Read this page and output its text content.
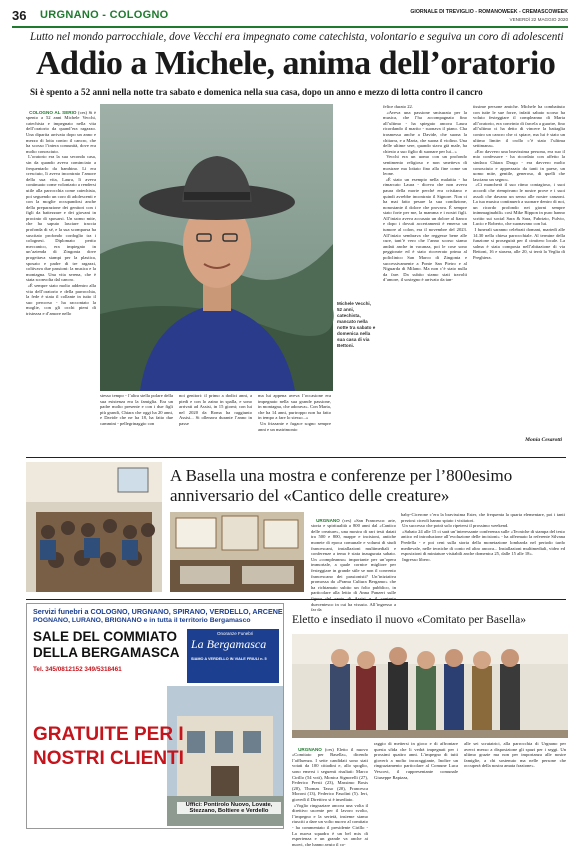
36 URGNANO - COLOGNO	GIORNALE DI TREVIGLIO - ROMANOWEEK - CREMASCOWEEK
VENERDÌ 22 MAGGIO 2020
Lutto nel mondo parrocchiale, dove Vecchi era impegnato come catechista, volontario e seguiva un coro di adolescenti
Addio a Michele, anima dell’oratorio
Si è spento a 52 anni nella notte tra sabato e domenica nella sua casa, dopo un anno e mezzo di lotta contro il cancro

COLOGNO AL SERIO (ces) Si è spento a 52 anni Michele Vecchi, catechista e impegnato nella vita dell’oratorio da quand’era ragazzo. Una diparita arrivata dopo un anno e mezzo di lotta contro il cancro, che ha scosso l’intera comunità, dove era molto conosciuto.
L’oratorio era la sua seconda casa, sin da quando aveva cominciato a frequentarlo da bambino. Lì era cresciuto, lì aveva incontrato l’amore della sua vita, Laura, lì aveva continuato come volontario a rendersi utile alla parrocchia come catechista, poi seguendo un coro di adolescenti e con la moglie occupandosi anche della preparazione dei genitori con i figli da battezzare e dei giovani in procinto di sposarsi. Un uomo mite, che ha saputo lasciare traccia profonda di sé, e la sua scomparsa ha suscitato profondo cordoglio tra i colognesi. Diplomato perito meccanico, era impiegato in un’azienda di Zingonia dove progettava stampi per la plastica, sposato e padre di tre ragazzi, coltivava due passioni: la musica e la montagna. Una vita serena, che è stata sconvolta dal cancro.
«È sempre stato molto addentro alla vita dell’oratorio e della parrocchia, la fede è stata il collante in tutto il suo percorso - ha raccontato la moglie, con gli occhi pieni di tristezza e d’amore nello

Michele Vecchi, 52 anni, catechista, mancato nella notte tra sabato e domenica nella sua casa di via Bettoni.
stesso tempo - l’altra stella polare della sua esistenza era la famiglia. Era un padre molto presente e con i due figli più grandi, Chiara che oggi ha 20 anni, e Davide che ne ha 18, ha fatto due cammini - pellegrinaggio con
noi genitori: il primo a dodici anni, a piedi e con lo zaino in spalla, e sono arrivati ad Assisi, in 15 giorni; con lui nel 2020 da Roma ha raggiunto Assisi... Si ollenava durante l’anno in passe
ma lui appena aveva l’occasione era impegnato nella sua grande passione, in montagna, che adorava». Con Marta, che ha 14 anni, purtroppo non ha fatto in tempo a fare lo stesso...»
Un frizzante e fugace sogno sempre anni e un matrimonio
felice durato 22.
«Aveva una passione smisurata per la musica, che l’ha accompagnato fino all’ultimo - ha spiegato ancora Laura ricordando il marito - suonava il piano. Cha trasmessa anche a Davide, che suona la chitarra, e a Marta, che suona il violino. Una delle ultime sere, quando stava già male, ha chiesto a suo figlio di suonare per lui...»
Vecchi era un uomo con un profondo sentimento religioso e non smetteva di mostrare ma lottato fino alla fine come un leone.
«È stato un esempio nella malattia - ha rimarcato Laura - diceva che non aveva paura della morte perché era cristiano e quindi avrebbe incontrato il Signore. Non ci ha mai fatto pesare la sua condizione, nonostante il dolore che provava. È sempre stato forte per me, la mamma e i nostri figli. All’inizio aveva accusato un dolore al fianco e dopo i dovuti accertamenti è emerso un tumore al colon, era il novembre del 2023. All’inizio sembrava che reggesse bene alle cure, tant’è vero che l’anno scorso siamo andati anche in vacanza, poi le cose sono peggiorate ed è stato ricoverato prima al policlinico San Marco di Zingonia e successivamente a Ponte San Pietro e al Niguarda di Milano. Ma non c’è stato nulla da fare. Da subito siamo stati travolti d’amore, il sostegno è arrivato da tan-
tissime persone amiche. Michele ha combattuto con tutte le sue forze, infatti sabato scorso ha voluto festeggiare il compleanno di Marta all’oratorio, era convinto di farcela a guarire, fino all’ultimo ci ha detto di vincere la battaglia contro un cancro che ci spiace, ma lui è stato un ultimo limite: il crollo c’è stato l’ultima settimana».
«Ero davvero una bravissima persona, era suo il mio confessore - ha ricordato con affetto la sindaca Chiara Drago - era davvero molto conosciuto e apprezzato da tanti in paese, un uomo mite, gentile, generoso, di quelli che lasciano un segno».
«Ci mancherà il suo ritmo contagioso, i suoi accordi che riempivano le nostre prove e i suoi assoli che davano un senso alle nostre canzoni. La tua musica continuerà a suonare dentro di noi, un ricordo profondo nei giorni sempre inimmaginabili» così Mike Rippon in puro hanno scritto sui social Sara & Sara, Fabrizio, Fulvio, Lucio e Roberto, che suonavano con lui.
I funerali saranno celebrati domani, martedì alle 14.30 nella chiesa parrocchiale. Al termine della funzione si proseguirà per il cimitero locale. La salma è stata composta nell’abitazione di via Bettoni, 16 e stasera, alle 20, si terrà la Veglia di Preghiera.
Monia Cesarotti
A Basella una mostra e conferenze per l’800esimo
anniversario del «Cantico delle creature»

URGNANO (ces) «San Francesco: arte, storia e spiritualità a 800 anni dal «Cantico delle creature», una mostra di rari testi datati tra 500 e 800, mappe e incisioni, antiche monete di epoca comunale e volumi di studi francescani, installazioni multimediali e conferenze a tema è stata inaugurata sabato. Un «compleanno» importante per un’opera immortale, a quale cornice migliore per festeggiare in grande stile se non il convento francescano dei passionisti? Un’iniziativa promossa da «Prama Cultura Bergamo» che ha richiamato subito un folto pubblico, in particolare alla lettio di Anna Panzeri sulle         duecentesco in cui ha vissuto. All’ingresso a far da

baby-Cicerone c’era la bravissima Ester, che frequenta la quarta elementare, poi i tanti preziosi ciceoli hanno spiato i visitatori.
Un successo che potrà solo ripetersi il prossimo weekend.
«Sabato 24 alle 15 ci sarà un’interessante conferenza sulle «Tecniche di stampa del testo antico ed introduzione all’evoluzione delle incisioni» - ha affermato la referente Silvana Predella - e poi ceni sulla storia della monetazione lombarda nel periodo tardo medievale, nelle tecniche di conio ed altro ancora... Installazioni multimediali, video ed esposizioni di miniature visitabili anche domenica 25, dalle 15 alle 18».
Ingresso libero.
Servizi funebri a COLOGNO, URGNANO, SPIRANO, VERDELLO, ARCENE
POGNANO, LURANO, BRIGNANO e in tutta il territorio Bergamasco
SALE DEL COMMIATO
DELLA BERGAMASCA
Onoranze Funebri
La Bergamasca
SIAMO A VERDELLO IN VIALE FRIULI n. 5
Tel. 345/0812152 349/5318461
GRATUITE PER I
NOSTRI CLIENTI
Uffici: Pontirolo Nuovo, Lovate, Stezzano, Boltiere e Verdello
Eletto e insediato il nuovo «Comitato per Basella»

URGNANO (ces) Eletto il nuovo «Comitato per Basella», dicendo l’affluenza. I sette candidati sono stati votati da 100 cittadini e, allo spoglio, sono emersi i seguenti risultati: Marco Cirillo (54 voti), Monica Signorelli (27), Federico Presti (23), Massimo Bosis (20), Thomas Tasso (20), Francesca Moroni (13), Federico Fasolini (5). Ieri, giovedì il Direttivo si è insediato.
«Voglio ringraziare ancora una volta il direttivo uscente per il lavoro svolto, l’impegno e la serietà, insieme siamo riusciti a dare un volto nuovo al comitato - ha commentato il presidente Cirillo - La nuova squadra è un bel mix di esperienza e un grande va anche ai nuovi, che hanno avuto il co-

raggio di mettersi in gioco e di affrontare questa sfida che li vedrà impegnati per i prossimi quattro anni. L’impegno di tutti gioverà a molto incoraggiante, Inoltre un ringraziamento particolare al Comune Luca Vescovi, il rappresentante comunale Giuseppe Rapizza,
alle sei scrutatrici, alla parrocchia di Urgnano per averci messo a disposizione gli spazi per i seggi. Un ultimo grazie ma non per importanza alle nostre famiglie, a chi sostenuto ma nelle persone che occuperà della nostra amata frazione».
